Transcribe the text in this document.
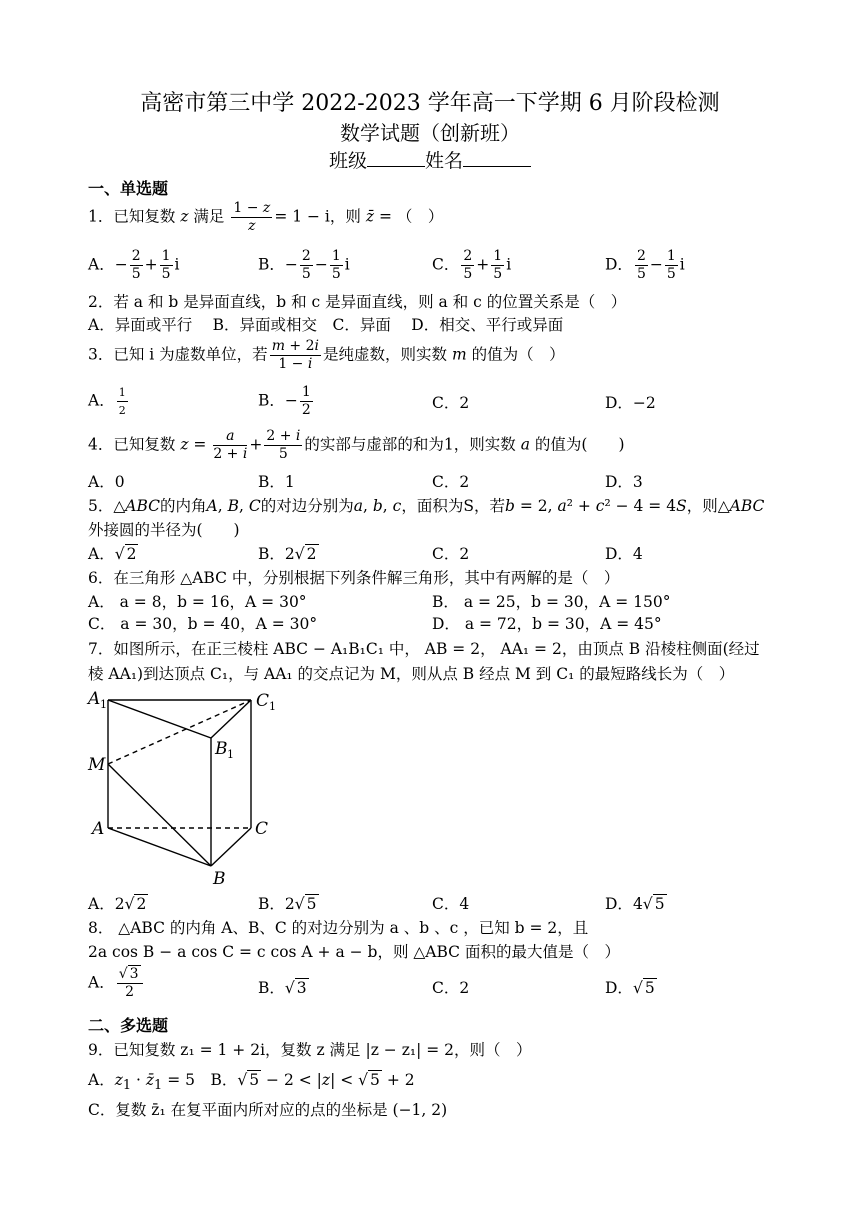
高密市第三中学 2022-2023 学年高一下学期 6 月阶段检测
数学试题（创新班）
班级	姓名
一、单选题
1．已知复数 z 满足 $\frac{1 - z}{z} = 1 - i$，则 z̄ = （　）
A．− $\frac{2}{5} + \frac{1}{5}$ i	B．− $\frac{2}{5} - \frac{1}{5}$ i	C． $\frac{2}{5} + \frac{1}{5}$ i	D． $\frac{2}{5} - \frac{1}{5}$ i
2．若 a 和 b 是异面直线，b 和 c 是异面直线，则 a 和 c 的位置关系是（　）
A．异面或平行　 B．异面或相交　C．异面　 D．相交、平行或异面
3．已知 i 为虚数单位，若 $\frac{m + 2i}{1 - i}$ 是纯虚数，则实数 m 的值为（　）
A． $\frac{1}{2}$	B．− $\frac{1}{2}$	C．2	D．−2
4．已知复数 $z = \frac{a}{2 + i} + \frac{2 + i}{5}$ 的实部与虚部的和为1，则实数 a 的值为(　　)
A．0	B．1	C．2	D．3
5．△ABC的内角A, B, C的对边分别为a, b, c，面积为S，若b = 2, a² + c² − 4 = 4S，则△ABC
外接圆的半径为(　　)
A．√ 2	B．2√ 2	C．2	D．4
6．在三角形 △ABC 中，分别根据下列条件解三角形，其中有两解的是（　）
A． a = 8，b = 16，A = 30°	B． a = 25，b = 30，A = 150°
C． a = 30，b = 40，A = 30°	D． a = 72，b = 30，A = 45°
7．如图所示，在正三棱柱 ABC − A₁B₁C₁ 中， AB = 2， AA₁ = 2，由顶点 B 沿棱柱侧面(经过
棱 AA₁)到达顶点 C₁，与 AA₁ 的交点记为 M，则从点 B 经点 M 到 C₁ 的最短路线长为（　）
A 1	C 1
B 1
M
A	C
B
A．2√ 2	B．2√ 5	C．4	D．4√ 5
8． △ABC 的内角 A、B、C 的对边分别为 a 、b 、c ，已知 b = 2，且
2a cos B − a cos C = c cos A + a − b，则 △ABC 面积的最大值是（　）
A． $\frac{√ 3}{2}$	B．√ 3	C．2	D．√ 5
二、多选题
9．已知复数 z₁ = 1 + 2i，复数 z 满足 |z − z₁| = 2，则（　）
A．$z_1$ · $z̄_1 = 5$　B．√ 5 − 2 < |z| < √ 5 + 2
C．复数 z̄₁ 在复平面内所对应的点的坐标是 (−1, 2)
